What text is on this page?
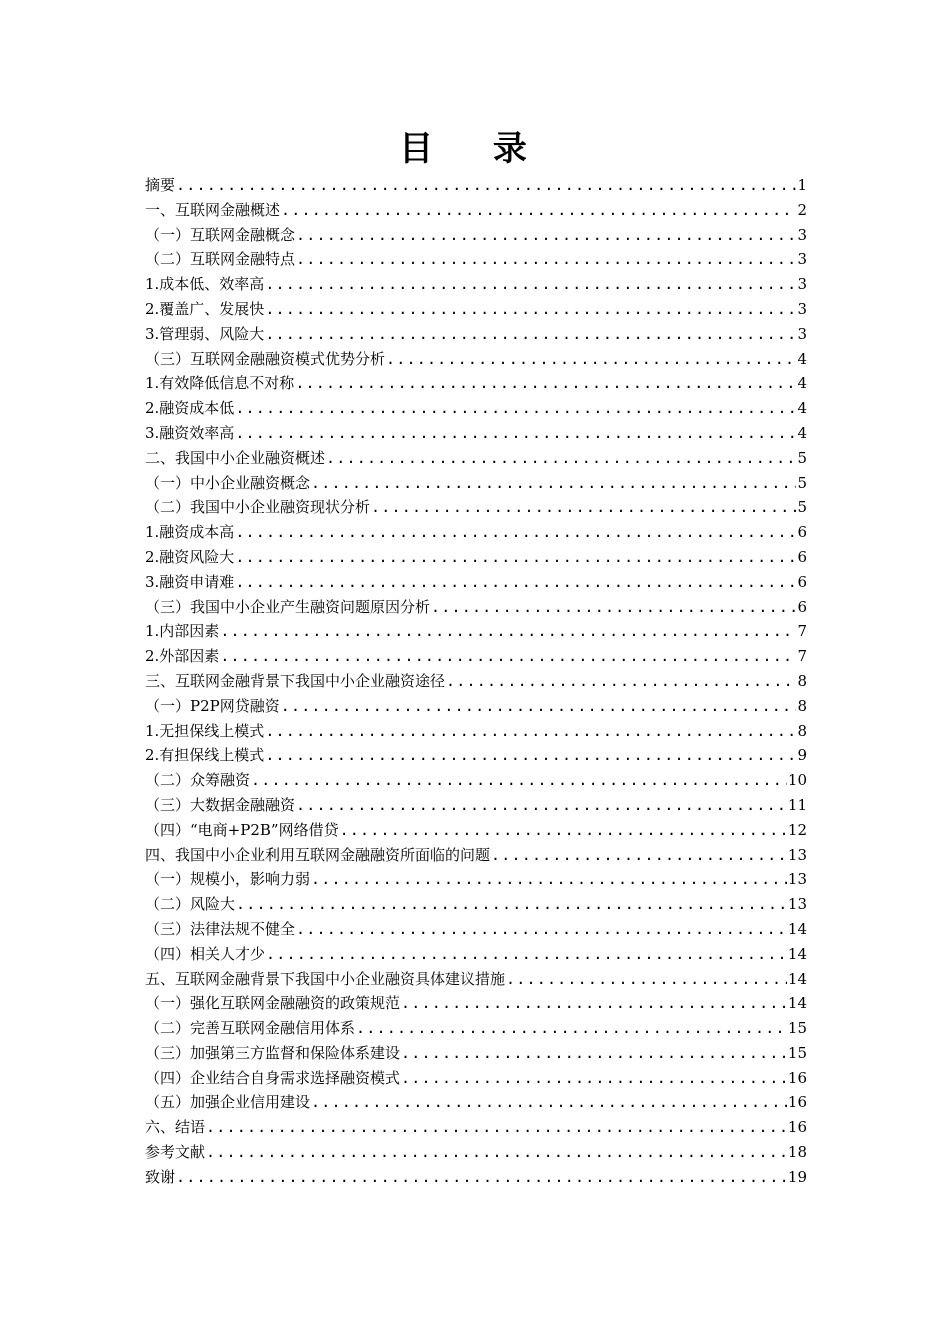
目 录
摘要 .....	1
一、互联网金融概述 .....	2
（一）互联网金融概念 .....	3
（二）互联网金融特点 .....	3
1.成本低、效率高 .....	3
2.覆盖广、发展快 .....	3
3.管理弱、风险大 .....	3
（三）互联网金融融资模式优势分析 .....	4
1.有效降低信息不对称 .....	4
2.融资成本低 .....	4
3.融资效率高 .....	4
二、我国中小企业融资概述 .....	5
（一）中小企业融资概念 .....	5
（二）我国中小企业融资现状分析 .....	5
1.融资成本高 .....	6
2.融资风险大 .....	6
3.融资申请难 .....	6
（三）我国中小企业产生融资问题原因分析 .....	6
1.内部因素 .....	7
2.外部因素 .....	7
三、互联网金融背景下我国中小企业融资途径 .....	8
（一）P2P网贷融资 .....	8
1.无担保线上模式 .....	8
2.有担保线上模式 .....	9
（二）众筹融资 .....	10
（三）大数据金融融资 .....	11
（四）“电商+P2B”网络借贷 .....	12
四、我国中小企业利用互联网金融融资所面临的问题 .....	13
（一）规模小，影响力弱 .....	13
（二）风险大 .....	13
（三）法律法规不健全 .....	14
（四）相关人才少 .....	14
五、互联网金融背景下我国中小企业融资具体建议措施 .....	14
（一）强化互联网金融融资的政策规范 .....	14
（二）完善互联网金融信用体系 .....	15
（三）加强第三方监督和保险体系建设 .....	15
（四）企业结合自身需求选择融资模式 .....	16
（五）加强企业信用建设 .....	16
六、结语 .....	16
参考文献 .....	18
致谢 .....	19
